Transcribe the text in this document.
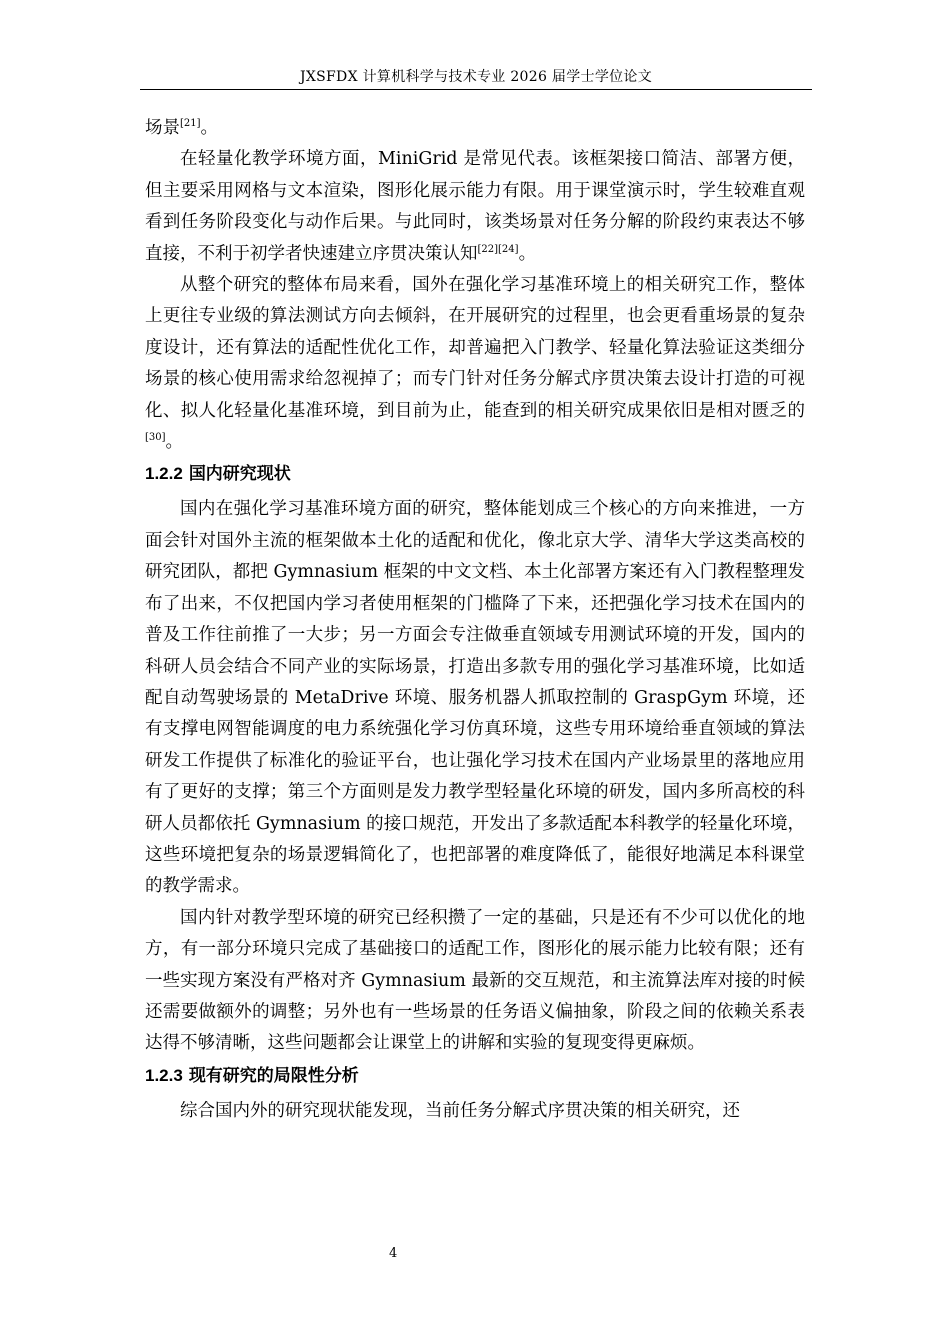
JXSFDX 计算机科学与技术专业 2026 届学士学位论文

场景[21]。

在轻量化教学环境方面，MiniGrid 是常见代表。该框架接口简洁、部署方便，但主要采用网格与文本渲染，图形化展示能力有限。用于课堂演示时，学生较难直观看到任务阶段变化与动作后果。与此同时，该类场景对任务分解的阶段约束表达不够直接，不利于初学者快速建立序贯决策认知[22][24]。

从整个研究的整体布局来看，国外在强化学习基准环境上的相关研究工作，整体上更往专业级的算法测试方向去倾斜，在开展研究的过程里，也会更看重场景的复杂度设计，还有算法的适配性优化工作，却普遍把入门教学、轻量化算法验证这类细分场景的核心使用需求给忽视掉了；而专门针对任务分解式序贯决策去设计打造的可视化、拟人化轻量化基准环境，到目前为止，能查到的相关研究成果依旧是相对匮乏的[30]。

1.2.2 国内研究现状

国内在强化学习基准环境方面的研究，整体能划成三个核心的方向来推进，一方面会针对国外主流的框架做本土化的适配和优化，像北京大学、清华大学这类高校的研究团队，都把 Gymnasium 框架的中文文档、本土化部署方案还有入门教程整理发布了出来，不仅把国内学习者使用框架的门槛降了下来，还把强化学习技术在国内的普及工作往前推了一大步；另一方面会专注做垂直领域专用测试环境的开发，国内的科研人员会结合不同产业的实际场景，打造出多款专用的强化学习基准环境，比如适配自动驾驶场景的 MetaDrive 环境、服务机器人抓取控制的 GraspGym 环境，还有支撑电网智能调度的电力系统强化学习仿真环境，这些专用环境给垂直领域的算法研发工作提供了标准化的验证平台，也让强化学习技术在国内产业场景里的落地应用有了更好的支撑；第三个方面则是发力教学型轻量化环境的研发，国内多所高校的科研人员都依托 Gymnasium 的接口规范，开发出了多款适配本科教学的轻量化环境，这些环境把复杂的场景逻辑简化了，也把部署的难度降低了，能很好地满足本科课堂的教学需求。

国内针对教学型环境的研究已经积攒了一定的基础，只是还有不少可以优化的地方，有一部分环境只完成了基础接口的适配工作，图形化的展示能力比较有限；还有一些实现方案没有严格对齐 Gymnasium 最新的交互规范，和主流算法库对接的时候还需要做额外的调整；另外也有一些场景的任务语义偏抽象，阶段之间的依赖关系表达得不够清晰，这些问题都会让课堂上的讲解和实验的复现变得更麻烦。

1.2.3 现有研究的局限性分析

综合国内外的研究现状能发现，当前任务分解式序贯决策的相关研究，还

4
